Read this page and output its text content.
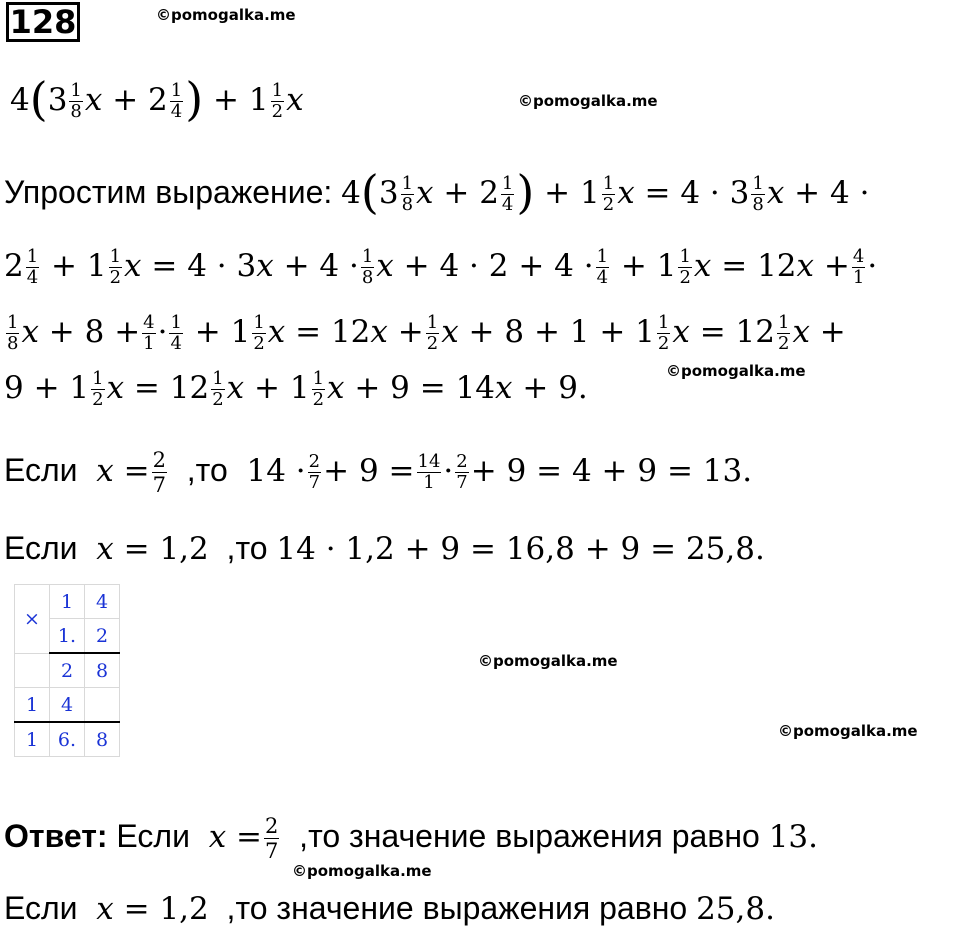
128	©pomogalka.me
$4(3 \frac{1}{8}$ $x + 2 \frac{1}{4}$ ) + $1 \frac{1}{2}$ x	©pomogalka.me
Упростим выражение: $4(3 \frac{1}{8}$ $x + 2 \frac{1}{4}$ ) + $1 \frac{1}{2}$ $x = 4 \cdot 3 \frac{1}{8}$ x + 4 ·
$2 \frac{1}{4} + 1 \frac{1}{2}$ $x = 4 \cdot 3x + 4 \cdot \frac{1}{8}$ $x + 4 \cdot 2 + 4 \cdot \frac{1}{4} + 1 \frac{1}{2}$ $x = 12x + \frac{4}{1}$ ·
$\frac{1}{8}$ $x + 8 + \frac{4}{1} \cdot \frac{1}{4} + 1 \frac{1}{2}$ $x = 12x + \frac{1}{2}$ $x + 8 + 1 + 1 \frac{1}{2}$ $x = 12 \frac{1}{2}$ x +
©pomogalka.me
$9 + 1 \frac{1}{2}$ $x = 12 \frac{1}{2}$ $x + 1 \frac{1}{2}$ x + 9 = 14x + 9.
Если $x = \frac{2}{7} ,то$ $14 \cdot \frac{2}{7} + 9 = \frac{14}{1} \cdot \frac{2}{7} + 9 = 4 + 9 = 13$.
Если x = 1,2 ,то 14 · 1,2 + 9 = 16,8 + 9 = 25,8.
×	1	4
	1.	2
	2	8
1	4	
1	6.	8
©pomogalka.me
©pomogalka.me
Ответ: Если $x = \frac{2}{7} ,то$ значение выражения равно 13.
©pomogalka.me
Если x = 1,2 ,то значение выражения равно 25,8.
